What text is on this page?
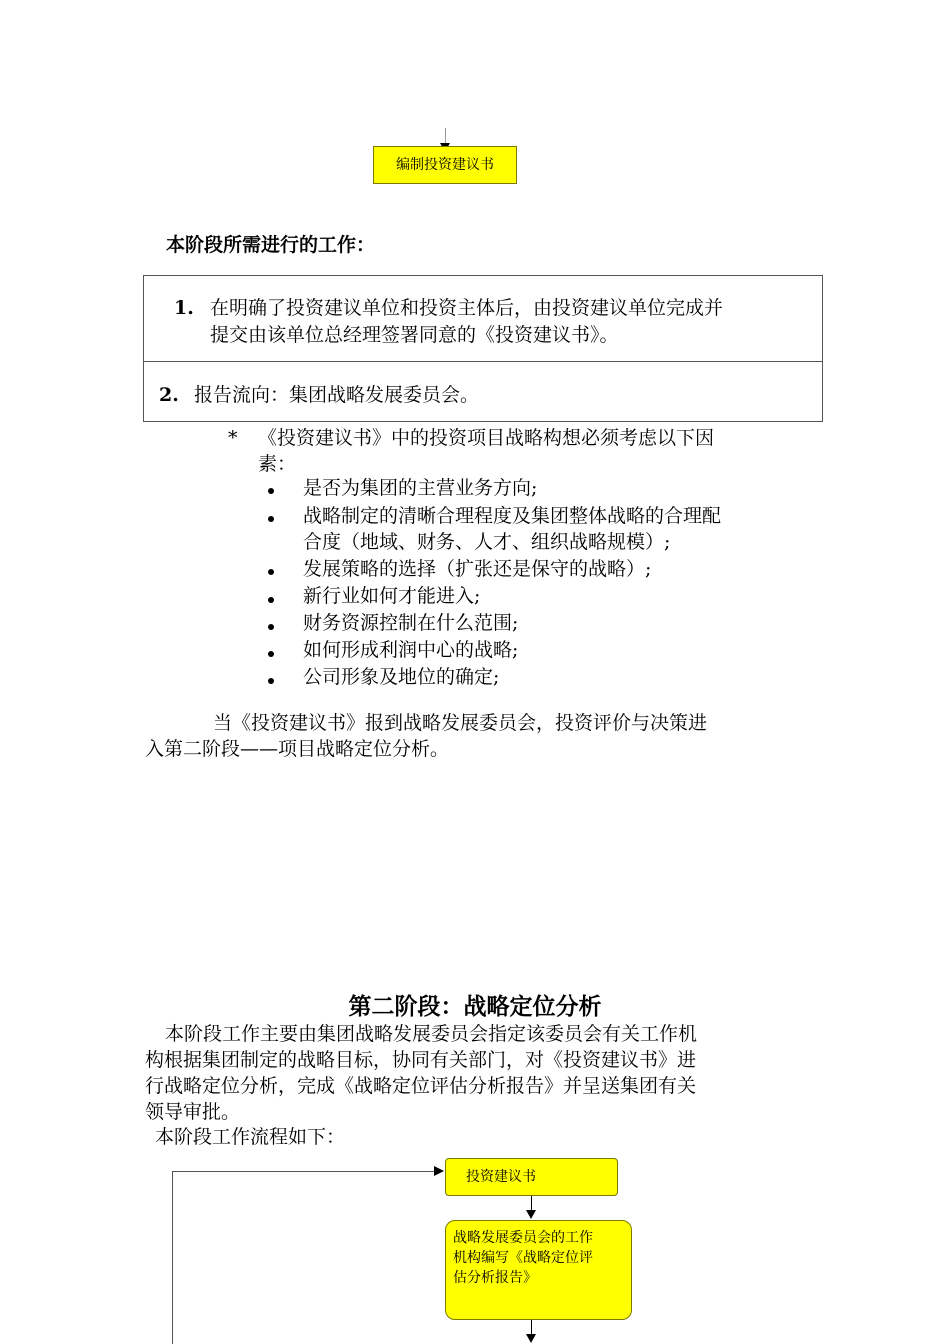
编制投资建议书
本阶段所需进行的工作：
1. 在明确了投资建议单位和投资主体后，由投资建议单位完成并
提交由该单位总经理签署同意的《投资建议书》。
2. 报告流向：集团战略发展委员会。
* 《投资建议书》中的投资项目战略构想必须考虑以下因
素：
是否为集团的主营业务方向;
战略制定的清晰合理程度及集团整体战略的合理配
合度（地域、财务、人才、组织战略规模）;
发展策略的选择（扩张还是保守的战略）;
新行业如何才能进入;
财务资源控制在什么范围;
如何形成利润中心的战略;
公司形象及地位的确定;
当《投资建议书》报到战略发展委员会，投资评价与决策进
入第二阶段——项目战略定位分析。
第二阶段：战略定位分析
本阶段工作主要由集团战略发展委员会指定该委员会有关工作机
构根据集团制定的战略目标，协同有关部门，对《投资建议书》进
行战略定位分析，完成《战略定位评估分析报告》并呈送集团有关
领导审批。
本阶段工作流程如下：
投资建议书
战略发展委员会的工作
机构编写《战略定位评
估分析报告》
